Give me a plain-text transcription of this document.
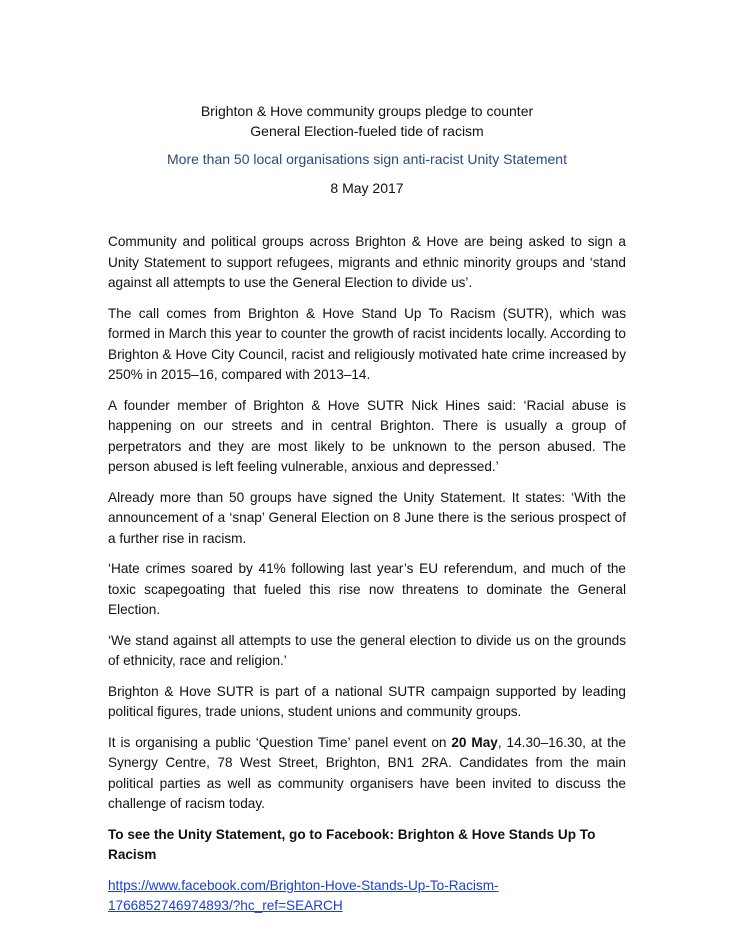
Brighton & Hove community groups pledge to counter

General Election-fueled tide of racism

More than 50 local organisations sign anti-racist Unity Statement

8 May 2017

Community and political groups across Brighton & Hove are being asked to sign a Unity Statement to support refugees, migrants and ethnic minority groups and ‘stand against all attempts to use the General Election to divide us’.

The call comes from Brighton & Hove Stand Up To Racism (SUTR), which was formed in March this year to counter the growth of racist incidents locally. According to Brighton & Hove City Council, racist and religiously motivated hate crime increased by 250% in 2015–16, compared with 2013–14.

A founder member of Brighton & Hove SUTR Nick Hines said: ‘Racial abuse is happening on our streets and in central Brighton. There is usually a group of perpetrators and they are most likely to be unknown to the person abused. The person abused is left feeling vulnerable, anxious and depressed.’

Already more than 50 groups have signed the Unity Statement. It states: ‘With the announcement of a ‘snap’ General Election on 8 June there is the serious prospect of a further rise in racism.

‘Hate crimes soared by 41% following last year’s EU referendum, and much of the toxic scapegoating that fueled this rise now threatens to dominate the General Election.

‘We stand against all attempts to use the general election to divide us on the grounds of ethnicity, race and religion.’

Brighton & Hove SUTR is part of a national SUTR campaign supported by leading political figures, trade unions, student unions and community groups.

It is organising a public ‘Question Time’ panel event on 20 May, 14.30–16.30, at the Synergy Centre, 78 West Street, Brighton, BN1 2RA. Candidates from the main political parties as well as community organisers have been invited to discuss the challenge of racism today.

To see the Unity Statement, go to Facebook: Brighton & Hove Stands Up To Racism

https://www.facebook.com/Brighton-Hove-Stands-Up-To-Racism-
1766852746974893/?hc_ref=SEARCH
